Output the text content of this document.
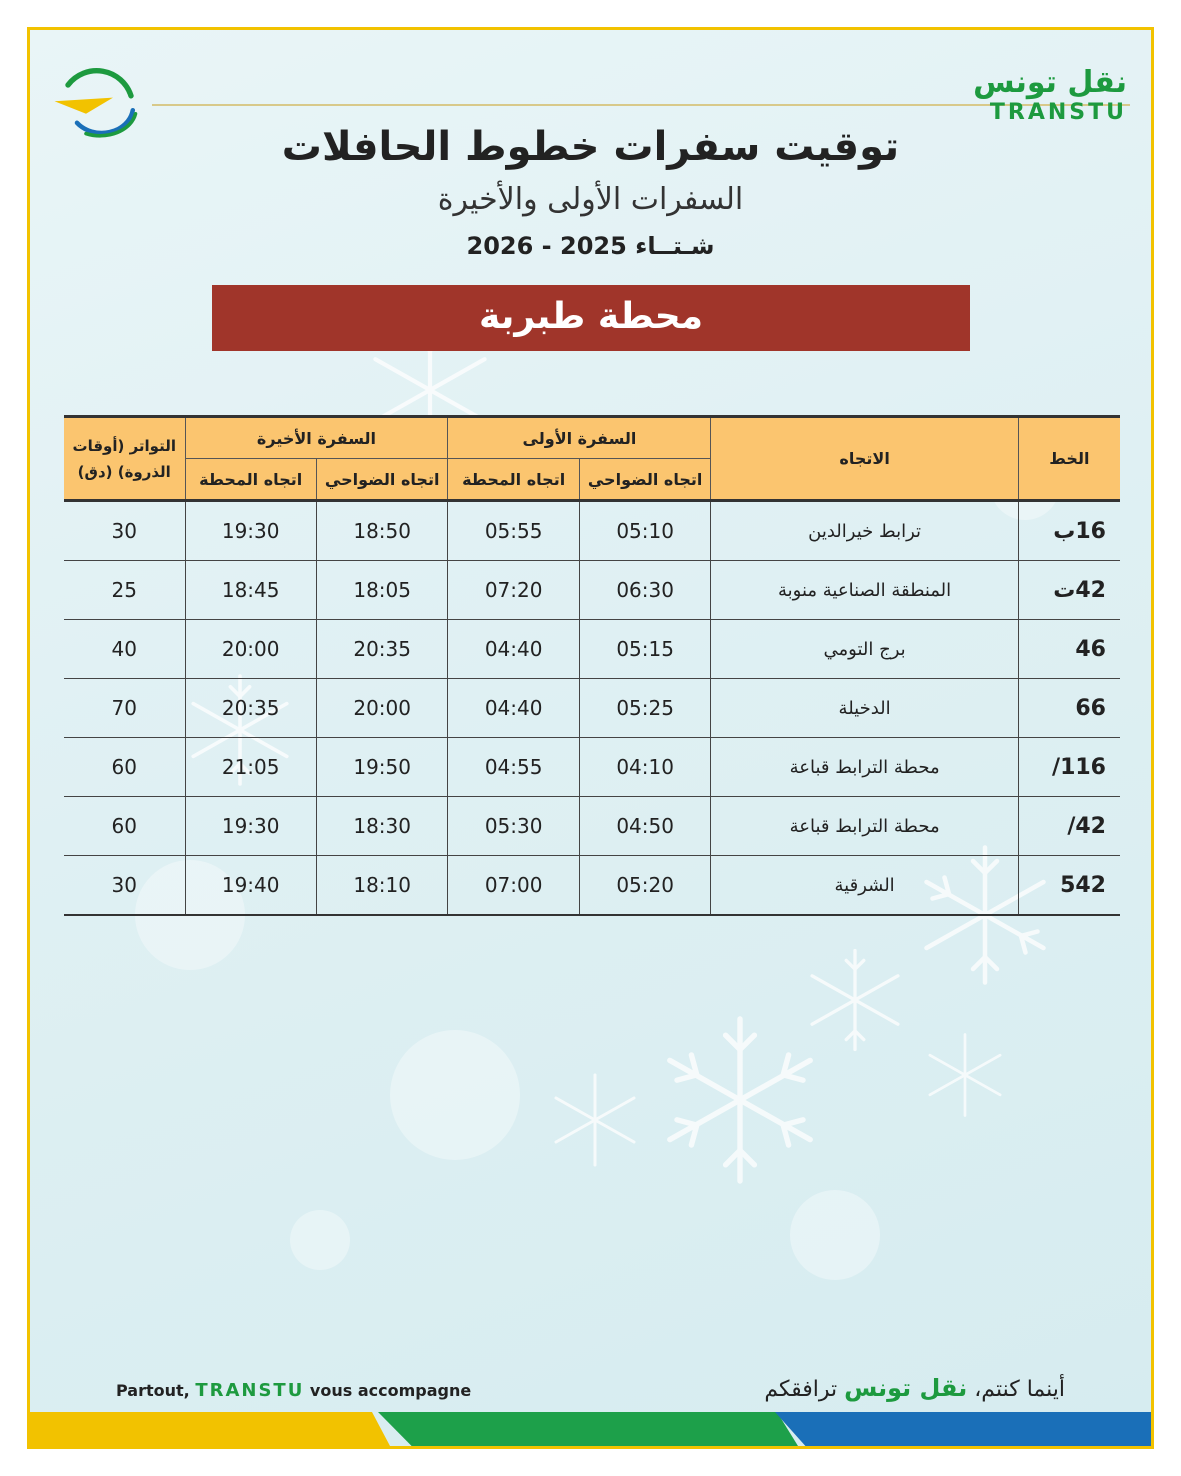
نقل تونس
TRANSTU
توقيت سفرات خطوط الحافلات
السفرات الأولى والأخيرة
شـتــاء 2025 - 2026
محطة طبربة
الخط	الاتجاه	السفرة الأولى		السفرة الأخيرة		التواتر (أوقات الذروة) (دق)
		اتجاه الضواحي	اتجاه المحطة	اتجاه الضواحي	اتجاه المحطة	
16ب	ترابط خيرالدين	05:10	05:55	18:50	19:30	30
42ت	المنطقة الصناعية منوبة	06:30	07:20	18:05	18:45	25
46	برج التومي	05:15	04:40	20:35	20:00	40
66	الدخيلة	05:25	04:40	20:00	20:35	70
116/	محطة الترابط قباعة	04:10	04:55	19:50	21:05	60
42/	محطة الترابط قباعة	04:50	05:30	18:30	19:30	60
542	الشرقية	05:20	07:00	18:10	19:40	30
Partout, TRANSTU vous accompagne	أينما كنتم، نقل تونس ترافقكم
